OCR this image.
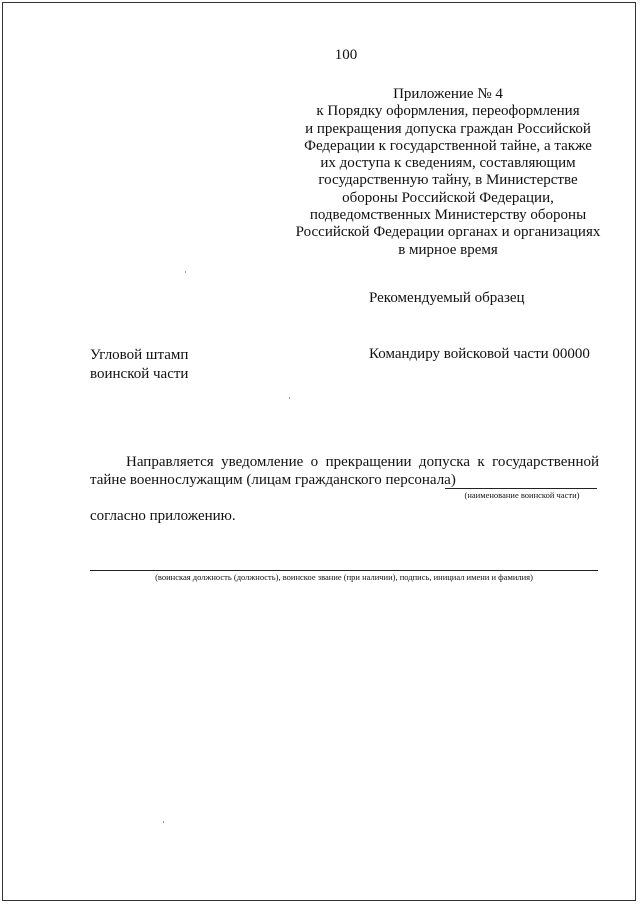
100
Приложение № 4
к Порядку оформления, переоформления
и прекращения допуска граждан Российской
Федерации к государственной тайне, а также
их доступа к сведениям, составляющим
государственную тайну, в Министерстве
обороны Российской Федерации,
подведомственных Министерству обороны
Российской Федерации органах и организациях
в мирное время
Рекомендуемый образец
Угловой штамп
воинской части
Командиру войсковой части 00000
Направляется уведомление о прекращении допуска к государственной
тайне военнослужащим (лицам гражданского персонала)
(наименование воинской части)
согласно приложению.
(воинская должность (должность), воинское звание (при наличии), подпись, инициал имени и фамилия)
